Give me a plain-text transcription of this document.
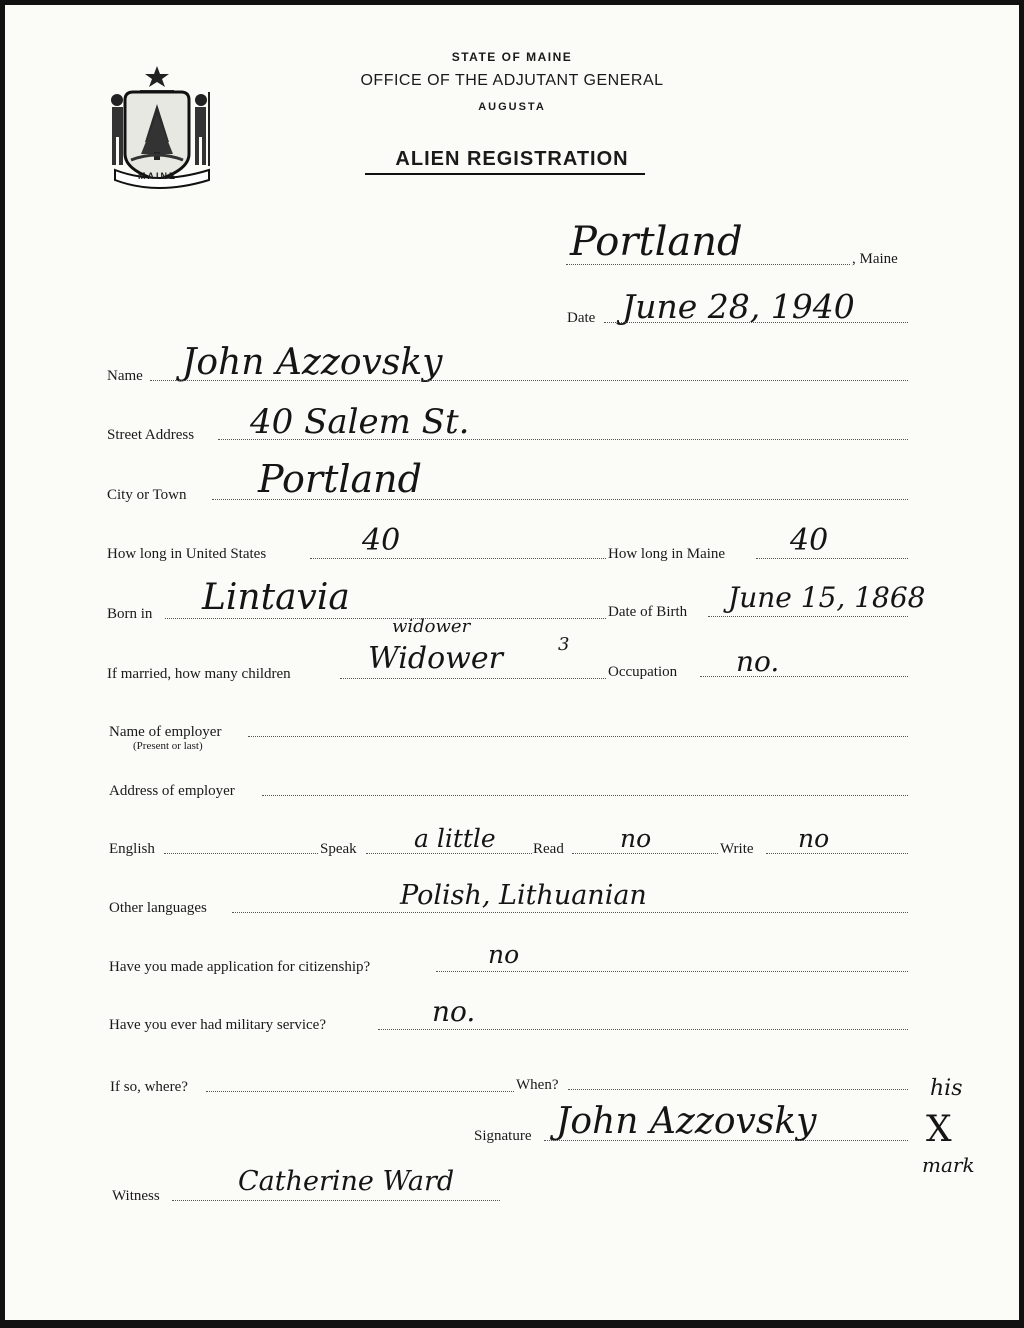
MAINE
STATE OF MAINE
OFFICE OF THE ADJUTANT GENERAL
AUGUSTA
ALIEN REGISTRATION
Portland	, Maine
Date June 28, 1940
Name John Azzovsky
Street Address 40 Salem St.
City or Town Portland
How long in United States	40	How long in Maine 40
Born in Lintavia	Date of Birth June 15, 1868
widower
If married, how many children	Widower	3
Occupation no.
Name of employer
(Present or last)
Address of employer
English	Speak a little Read no	Write no
Other languages	Polish, Lithuanian
Have you made application for citizenship?	no
Have you ever had military service?	no.
If so, where?	When?	his
Signature John Azzovsky	X
mark
Witness	Catherine Ward
